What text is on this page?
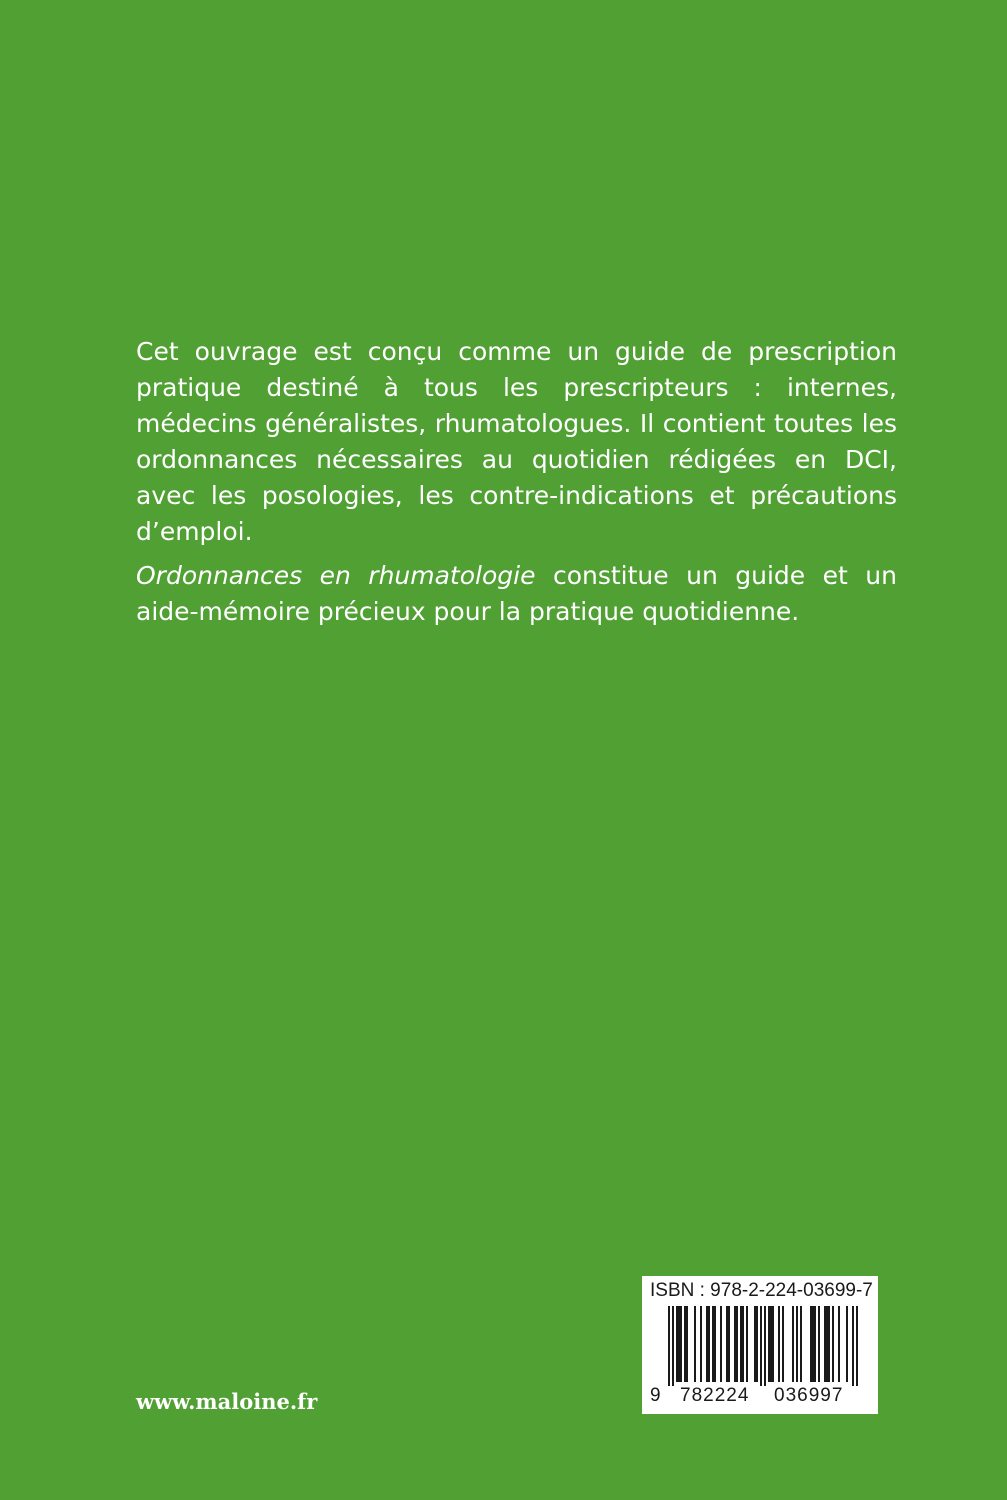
Cet ouvrage est conçu comme un guide de prescription pratique destiné à tous les prescripteurs : internes, médecins généralistes, rhumatologues. Il contient toutes les ordonnances nécessaires au quotidien rédigées en DCI, avec les posologies, les contre-indications et précautions d’emploi.

Ordonnances en rhumatologie constitue un guide et un aide-mémoire précieux pour la pratique quotidienne.

www.maloine.fr
ISBN : 978-2-224-03699-7
9 782224 036997
